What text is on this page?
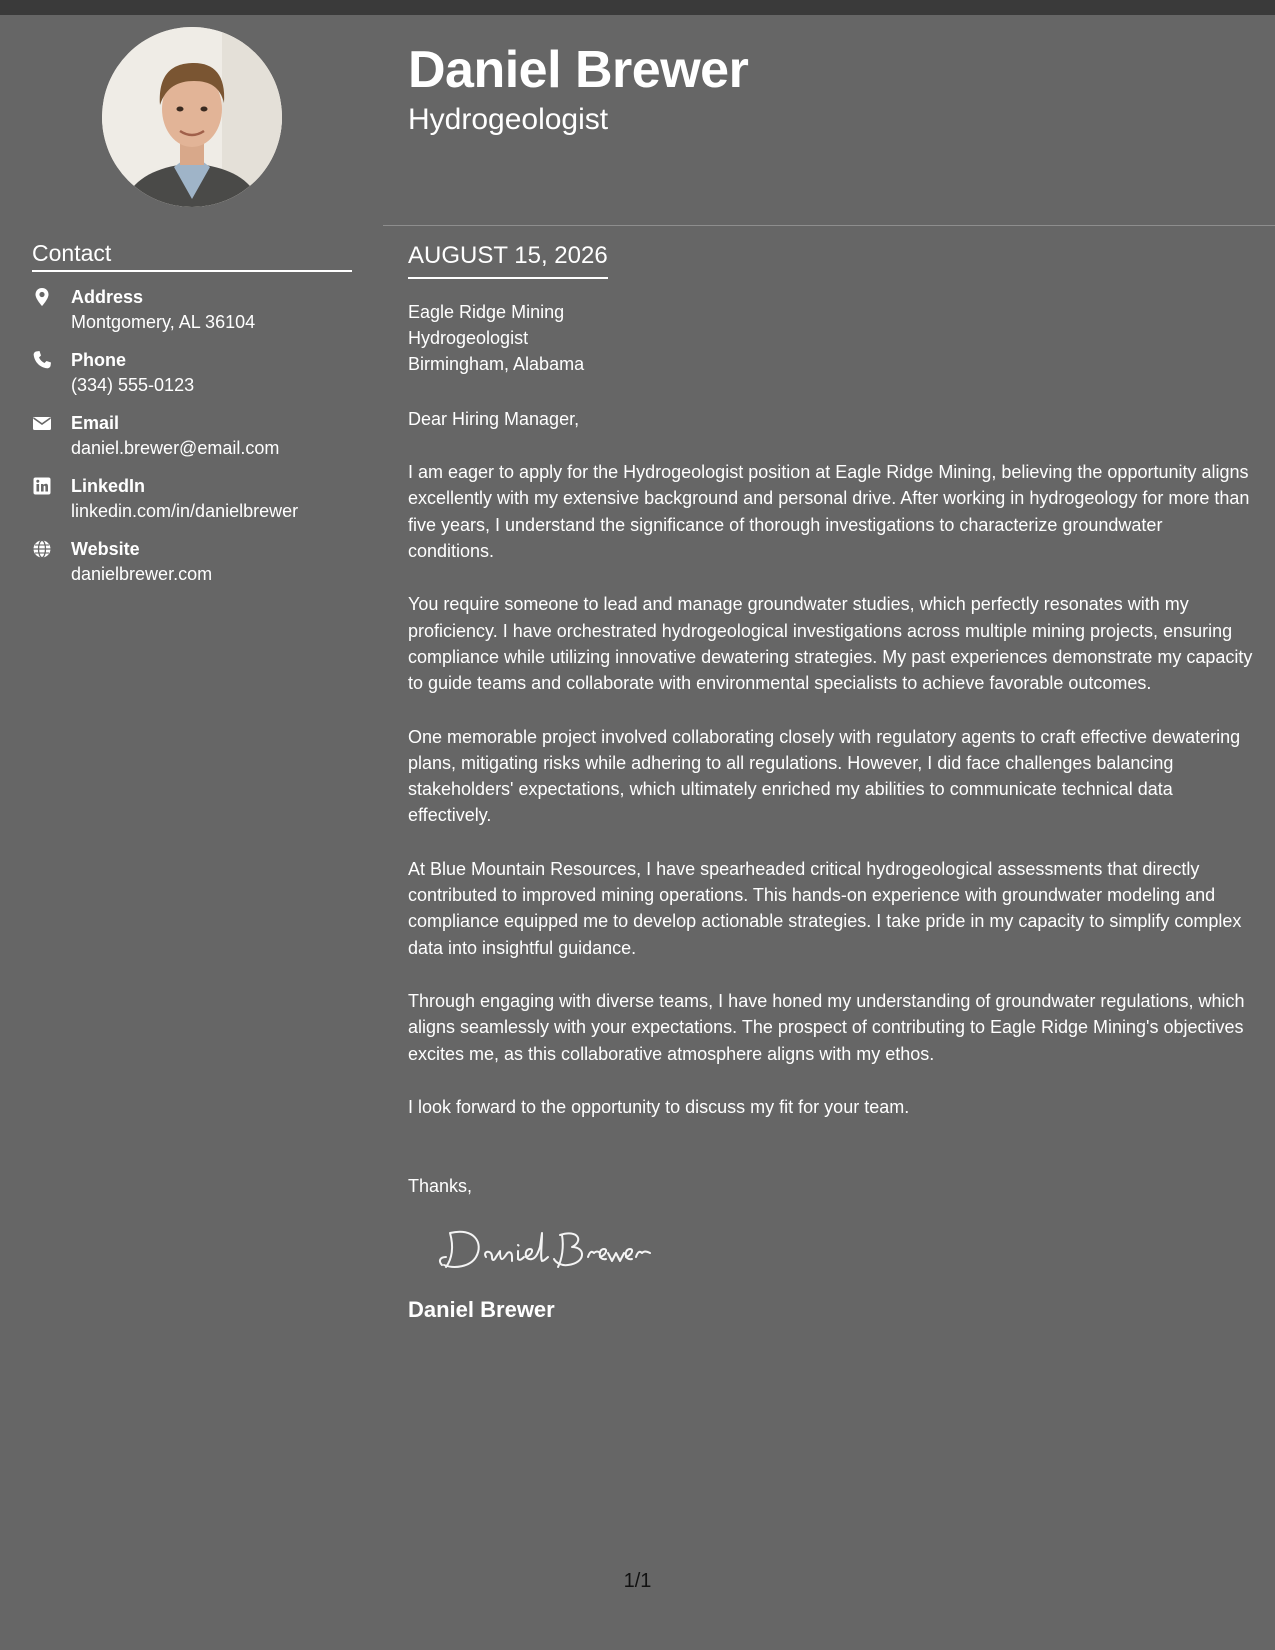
Daniel Brewer
Hydrogeologist
Contact
Address
Montgomery, AL 36104
Phone
(334) 555-0123
Email
daniel.brewer@email.com
LinkedIn
linkedin.com/in/danielbrewer
Website
danielbrewer.com
AUGUST 15, 2026
Eagle Ridge Mining
Hydrogeologist
Birmingham, Alabama
Dear Hiring Manager,
I am eager to apply for the Hydrogeologist position at Eagle Ridge Mining, believing the opportunity aligns excellently with my extensive background and personal drive. After working in hydrogeology for more than five years, I understand the significance of thorough investigations to characterize groundwater conditions.
You require someone to lead and manage groundwater studies, which perfectly resonates with my proficiency. I have orchestrated hydrogeological investigations across multiple mining projects, ensuring compliance while utilizing innovative dewatering strategies. My past experiences demonstrate my capacity to guide teams and collaborate with environmental specialists to achieve favorable outcomes.
One memorable project involved collaborating closely with regulatory agents to craft effective dewatering plans, mitigating risks while adhering to all regulations. However, I did face challenges balancing stakeholders' expectations, which ultimately enriched my abilities to communicate technical data effectively.
At Blue Mountain Resources, I have spearheaded critical hydrogeological assessments that directly contributed to improved mining operations. This hands-on experience with groundwater modeling and compliance equipped me to develop actionable strategies. I take pride in my capacity to simplify complex data into insightful guidance.
Through engaging with diverse teams, I have honed my understanding of groundwater regulations, which aligns seamlessly with your expectations. The prospect of contributing to Eagle Ridge Mining's objectives excites me, as this collaborative atmosphere aligns with my ethos.
I look forward to the opportunity to discuss my fit for your team.
Thanks,
Daniel Brewer
1/1
